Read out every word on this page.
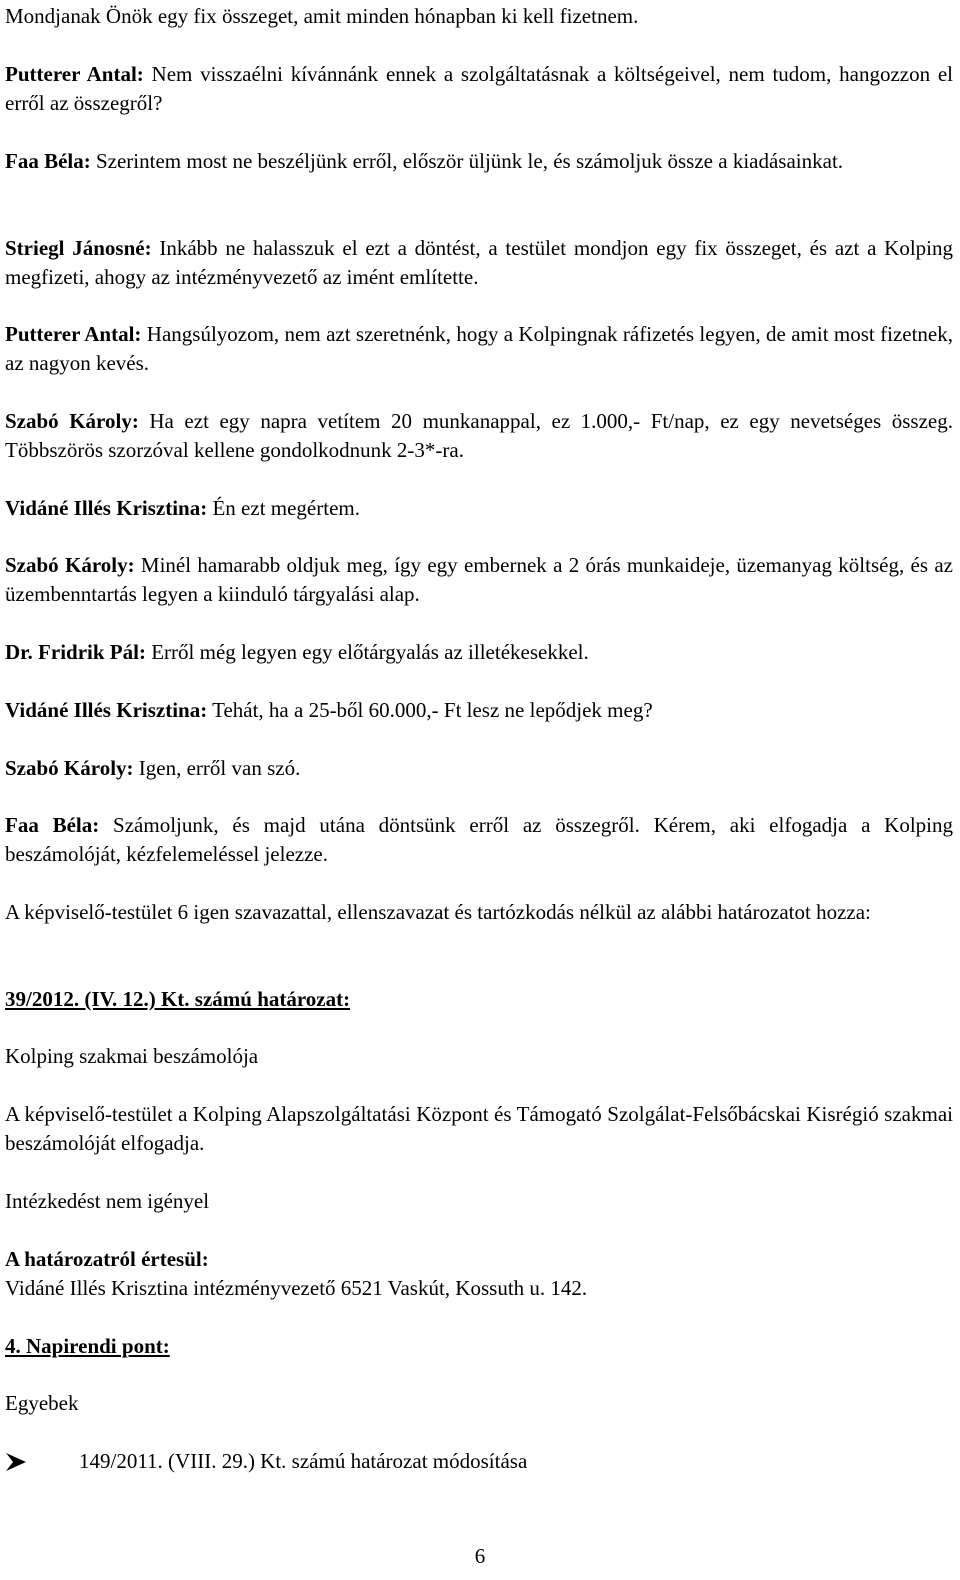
Mondjanak Önök egy fix összeget, amit minden hónapban ki kell fizetnem.
Putterer Antal: Nem visszaélni kívánnánk ennek a szolgáltatásnak a költségeivel, nem tudom, hangozzon el erről az összegről?
Faa Béla: Szerintem most ne beszéljünk erről, először üljünk le, és számoljuk össze a kiadásainkat.
Striegl Jánosné: Inkább ne halasszuk el ezt a döntést, a testület mondjon egy fix összeget, és azt a Kolping megfizeti, ahogy az intézményvezető az imént említette.
Putterer Antal: Hangsúlyozom, nem azt szeretnénk, hogy a Kolpingnak ráfizetés legyen, de amit most fizetnek, az nagyon kevés.
Szabó Károly: Ha ezt egy napra vetítem 20 munkanappal, ez 1.000,- Ft/nap, ez egy nevetséges összeg. Többszörös szorzóval kellene gondolkodnunk 2-3*-ra.
Vidáné Illés Krisztina: Én ezt megértem.
Szabó Károly: Minél hamarabb oldjuk meg, így egy embernek a 2 órás munkaideje, üzemanyag költség, és az üzembenntartás legyen a kiinduló tárgyalási alap.
Dr. Fridrik Pál: Erről még legyen egy előtárgyalás az illetékesekkel.
Vidáné Illés Krisztina: Tehát, ha a 25-ből 60.000,- Ft lesz ne lepődjek meg?
Szabó Károly: Igen, erről van szó.
Faa Béla: Számoljunk, és majd utána döntsünk erről az összegről. Kérem, aki elfogadja a Kolping beszámolóját, kézfelemeléssel jelezze.
A képviselő-testület 6 igen szavazattal, ellenszavazat és tartózkodás nélkül az alábbi határozatot hozza:
39/2012. (IV. 12.) Kt. számú határozat:
Kolping szakmai beszámolója
A képviselő-testület a Kolping Alapszolgáltatási Központ és Támogató Szolgálat-Felsőbácskai Kisrégió szakmai beszámolóját elfogadja.
Intézkedést nem igényel
A határozatról értesül:
Vidáné Illés Krisztina intézményvezető 6521 Vaskút, Kossuth u. 142.
4. Napirendi pont:
Egyebek
149/2011. (VIII. 29.) Kt. számú határozat módosítása
6
